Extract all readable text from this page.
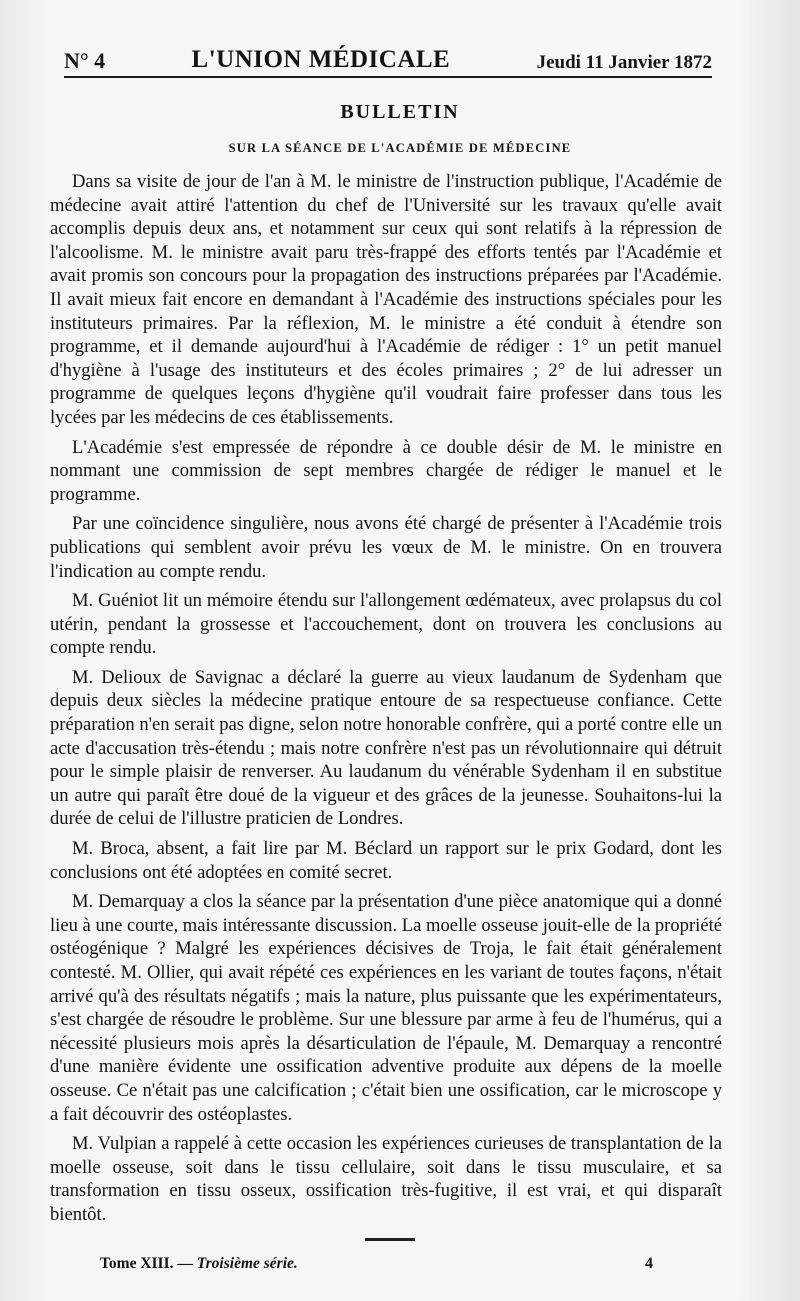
N° 4	L'UNION MÉDICALE	Jeudi 11 Janvier 1872
BULLETIN
SUR LA SÉANCE DE L'ACADÉMIE DE MÉDECINE

Dans sa visite de jour de l'an à M. le ministre de l'instruction publique, l'Académie de médecine avait attiré l'attention du chef de l'Université sur les travaux qu'elle avait accomplis depuis deux ans, et notamment sur ceux qui sont relatifs à la répression de l'alcoolisme. M. le ministre avait paru très-frappé des efforts tentés par l'Académie et avait promis son concours pour la propagation des instructions préparées par l'Académie. Il avait mieux fait encore en demandant à l'Académie des instructions spéciales pour les instituteurs primaires. Par la réflexion, M. le ministre a été conduit à étendre son programme, et il demande aujourd'hui à l'Académie de rédiger : 1° un petit manuel d'hygiène à l'usage des instituteurs et des écoles primaires ; 2° de lui adresser un programme de quelques leçons d'hygiène qu'il voudrait faire professer dans tous les lycées par les médecins de ces établissements.

L'Académie s'est empressée de répondre à ce double désir de M. le ministre en nommant une commission de sept membres chargée de rédiger le manuel et le programme.

Par une coïncidence singulière, nous avons été chargé de présenter à l'Académie trois publications qui semblent avoir prévu les vœux de M. le ministre. On en trouvera l'indication au compte rendu.

M. Guéniot lit un mémoire étendu sur l'allongement œdémateux, avec prolapsus du col utérin, pendant la grossesse et l'accouchement, dont on trouvera les conclusions au compte rendu.

M. Delioux de Savignac a déclaré la guerre au vieux laudanum de Sydenham que depuis deux siècles la médecine pratique entoure de sa respectueuse confiance. Cette préparation n'en serait pas digne, selon notre honorable confrère, qui a porté contre elle un acte d'accusation très-étendu ; mais notre confrère n'est pas un révolutionnaire qui détruit pour le simple plaisir de renverser. Au laudanum du vénérable Sydenham il en substitue un autre qui paraît être doué de la vigueur et des grâces de la jeunesse. Souhaitons-lui la durée de celui de l'illustre praticien de Londres.

M. Broca, absent, a fait lire par M. Béclard un rapport sur le prix Godard, dont les conclusions ont été adoptées en comité secret.

M. Demarquay a clos la séance par la présentation d'une pièce anatomique qui a donné lieu à une courte, mais intéressante discussion. La moelle osseuse jouit-elle de la propriété ostéogénique ? Malgré les expériences décisives de Troja, le fait était généralement contesté. M. Ollier, qui avait répété ces expériences en les variant de toutes façons, n'était arrivé qu'à des résultats négatifs ; mais la nature, plus puissante que les expérimentateurs, s'est chargée de résoudre le problème. Sur une blessure par arme à feu de l'humérus, qui a nécessité plusieurs mois après la désarticulation de l'épaule, M. Demarquay a rencontré d'une manière évidente une ossification adventive produite aux dépens de la moelle osseuse. Ce n'était pas une calcification ; c'était bien une ossification, car le microscope y a fait découvrir des ostéoplastes.

M. Vulpian a rappelé à cette occasion les expériences curieuses de transplantation de la moelle osseuse, soit dans le tissu cellulaire, soit dans le tissu musculaire, et sa transformation en tissu osseux, ossification très-fugitive, il est vrai, et qui disparaît bientôt.

Tome XIII. — Troisième série.	4
